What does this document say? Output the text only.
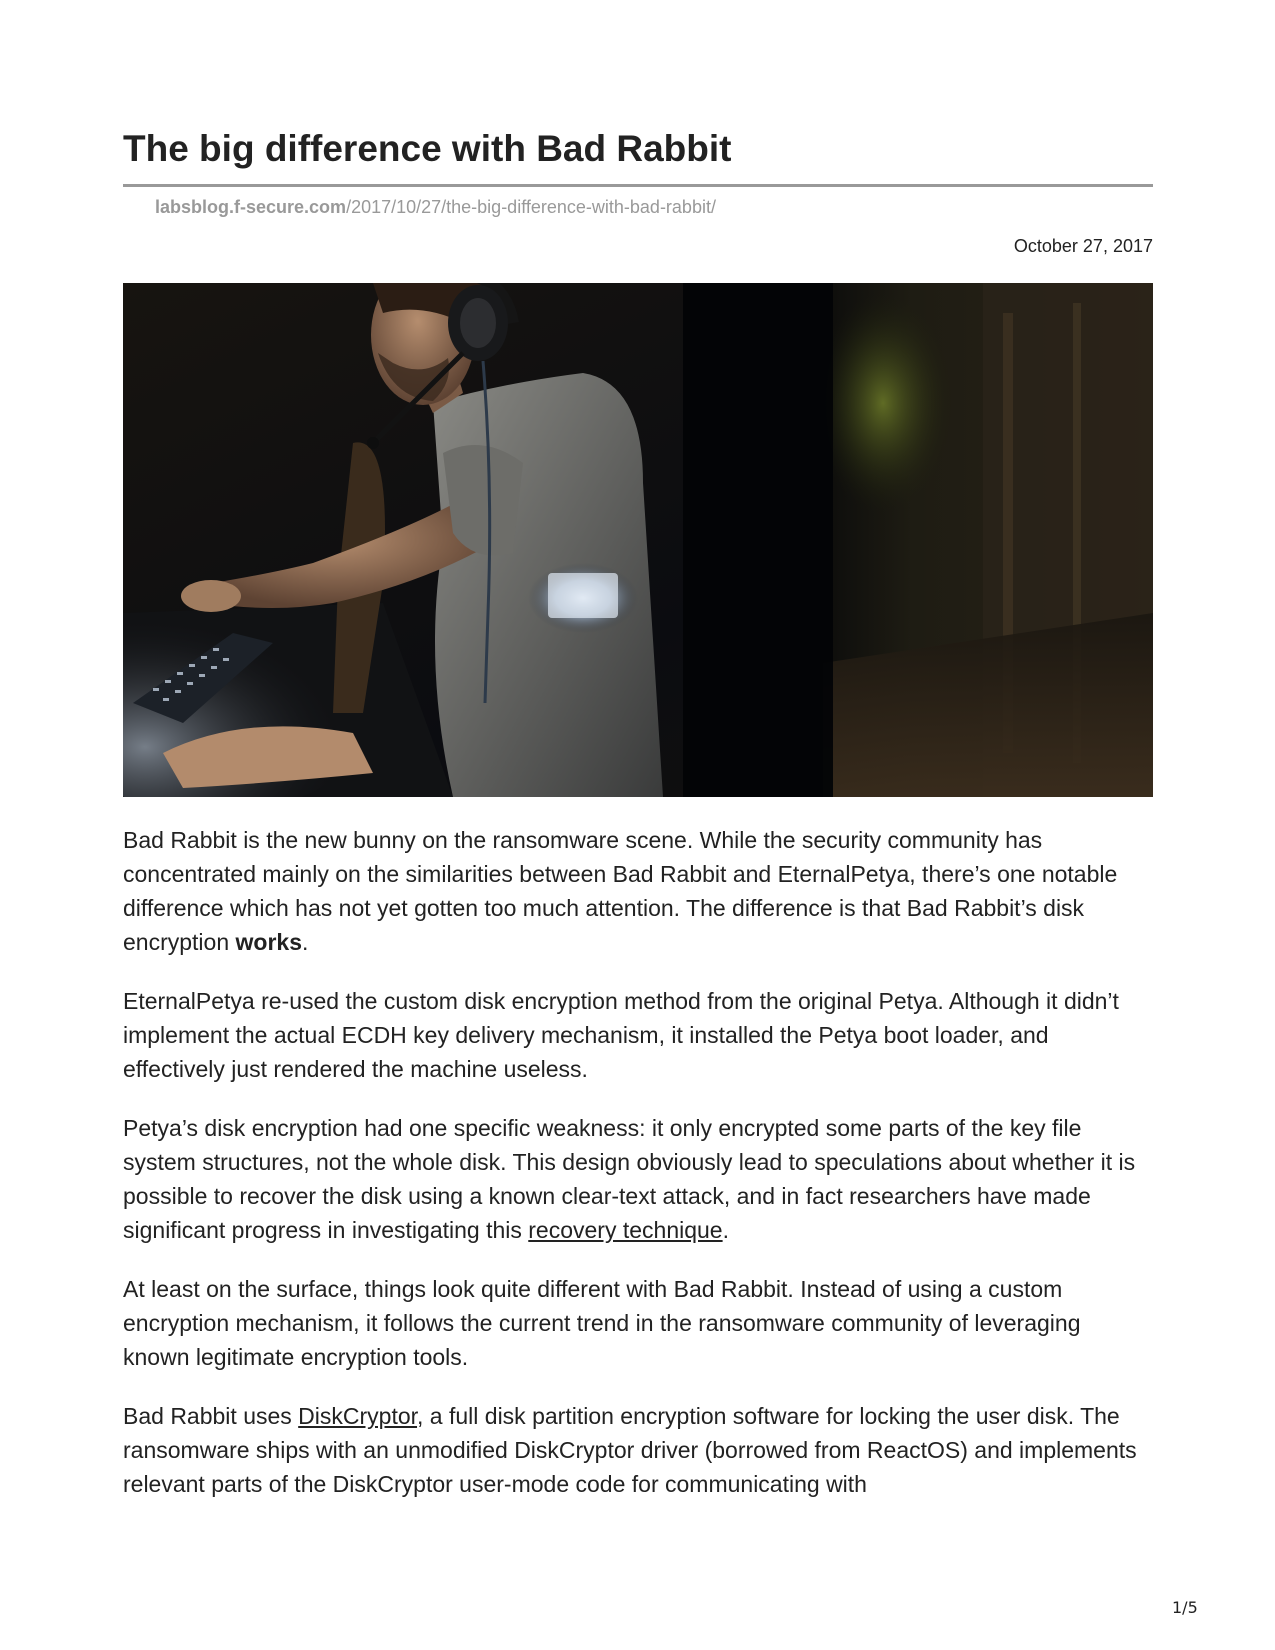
The big difference with Bad Rabbit
labsblog.f-secure.com/2017/10/27/the-big-difference-with-bad-rabbit/
October 27, 2017

Bad Rabbit is the new bunny on the ransomware scene. While the security community has concentrated mainly on the similarities between Bad Rabbit and EternalPetya, there’s one notable difference which has not yet gotten too much attention. The difference is that Bad Rabbit’s disk encryption works.

EternalPetya re-used the custom disk encryption method from the original Petya. Although it didn’t implement the actual ECDH key delivery mechanism, it installed the Petya boot loader, and effectively just rendered the machine useless.

Petya’s disk encryption had one specific weakness: it only encrypted some parts of the key file system structures, not the whole disk. This design obviously lead to speculations about whether it is possible to recover the disk using a known clear-text attack, and in fact researchers have made significant progress in investigating this recovery technique.

At least on the surface, things look quite different with Bad Rabbit. Instead of using a custom encryption mechanism, it follows the current trend in the ransomware community of leveraging known legitimate encryption tools.

Bad Rabbit uses DiskCryptor, a full disk partition encryption software for locking the user disk. The ransomware ships with an unmodified DiskCryptor driver (borrowed from ReactOS) and implements relevant parts of the DiskCryptor user-mode code for communicating with

1/5
